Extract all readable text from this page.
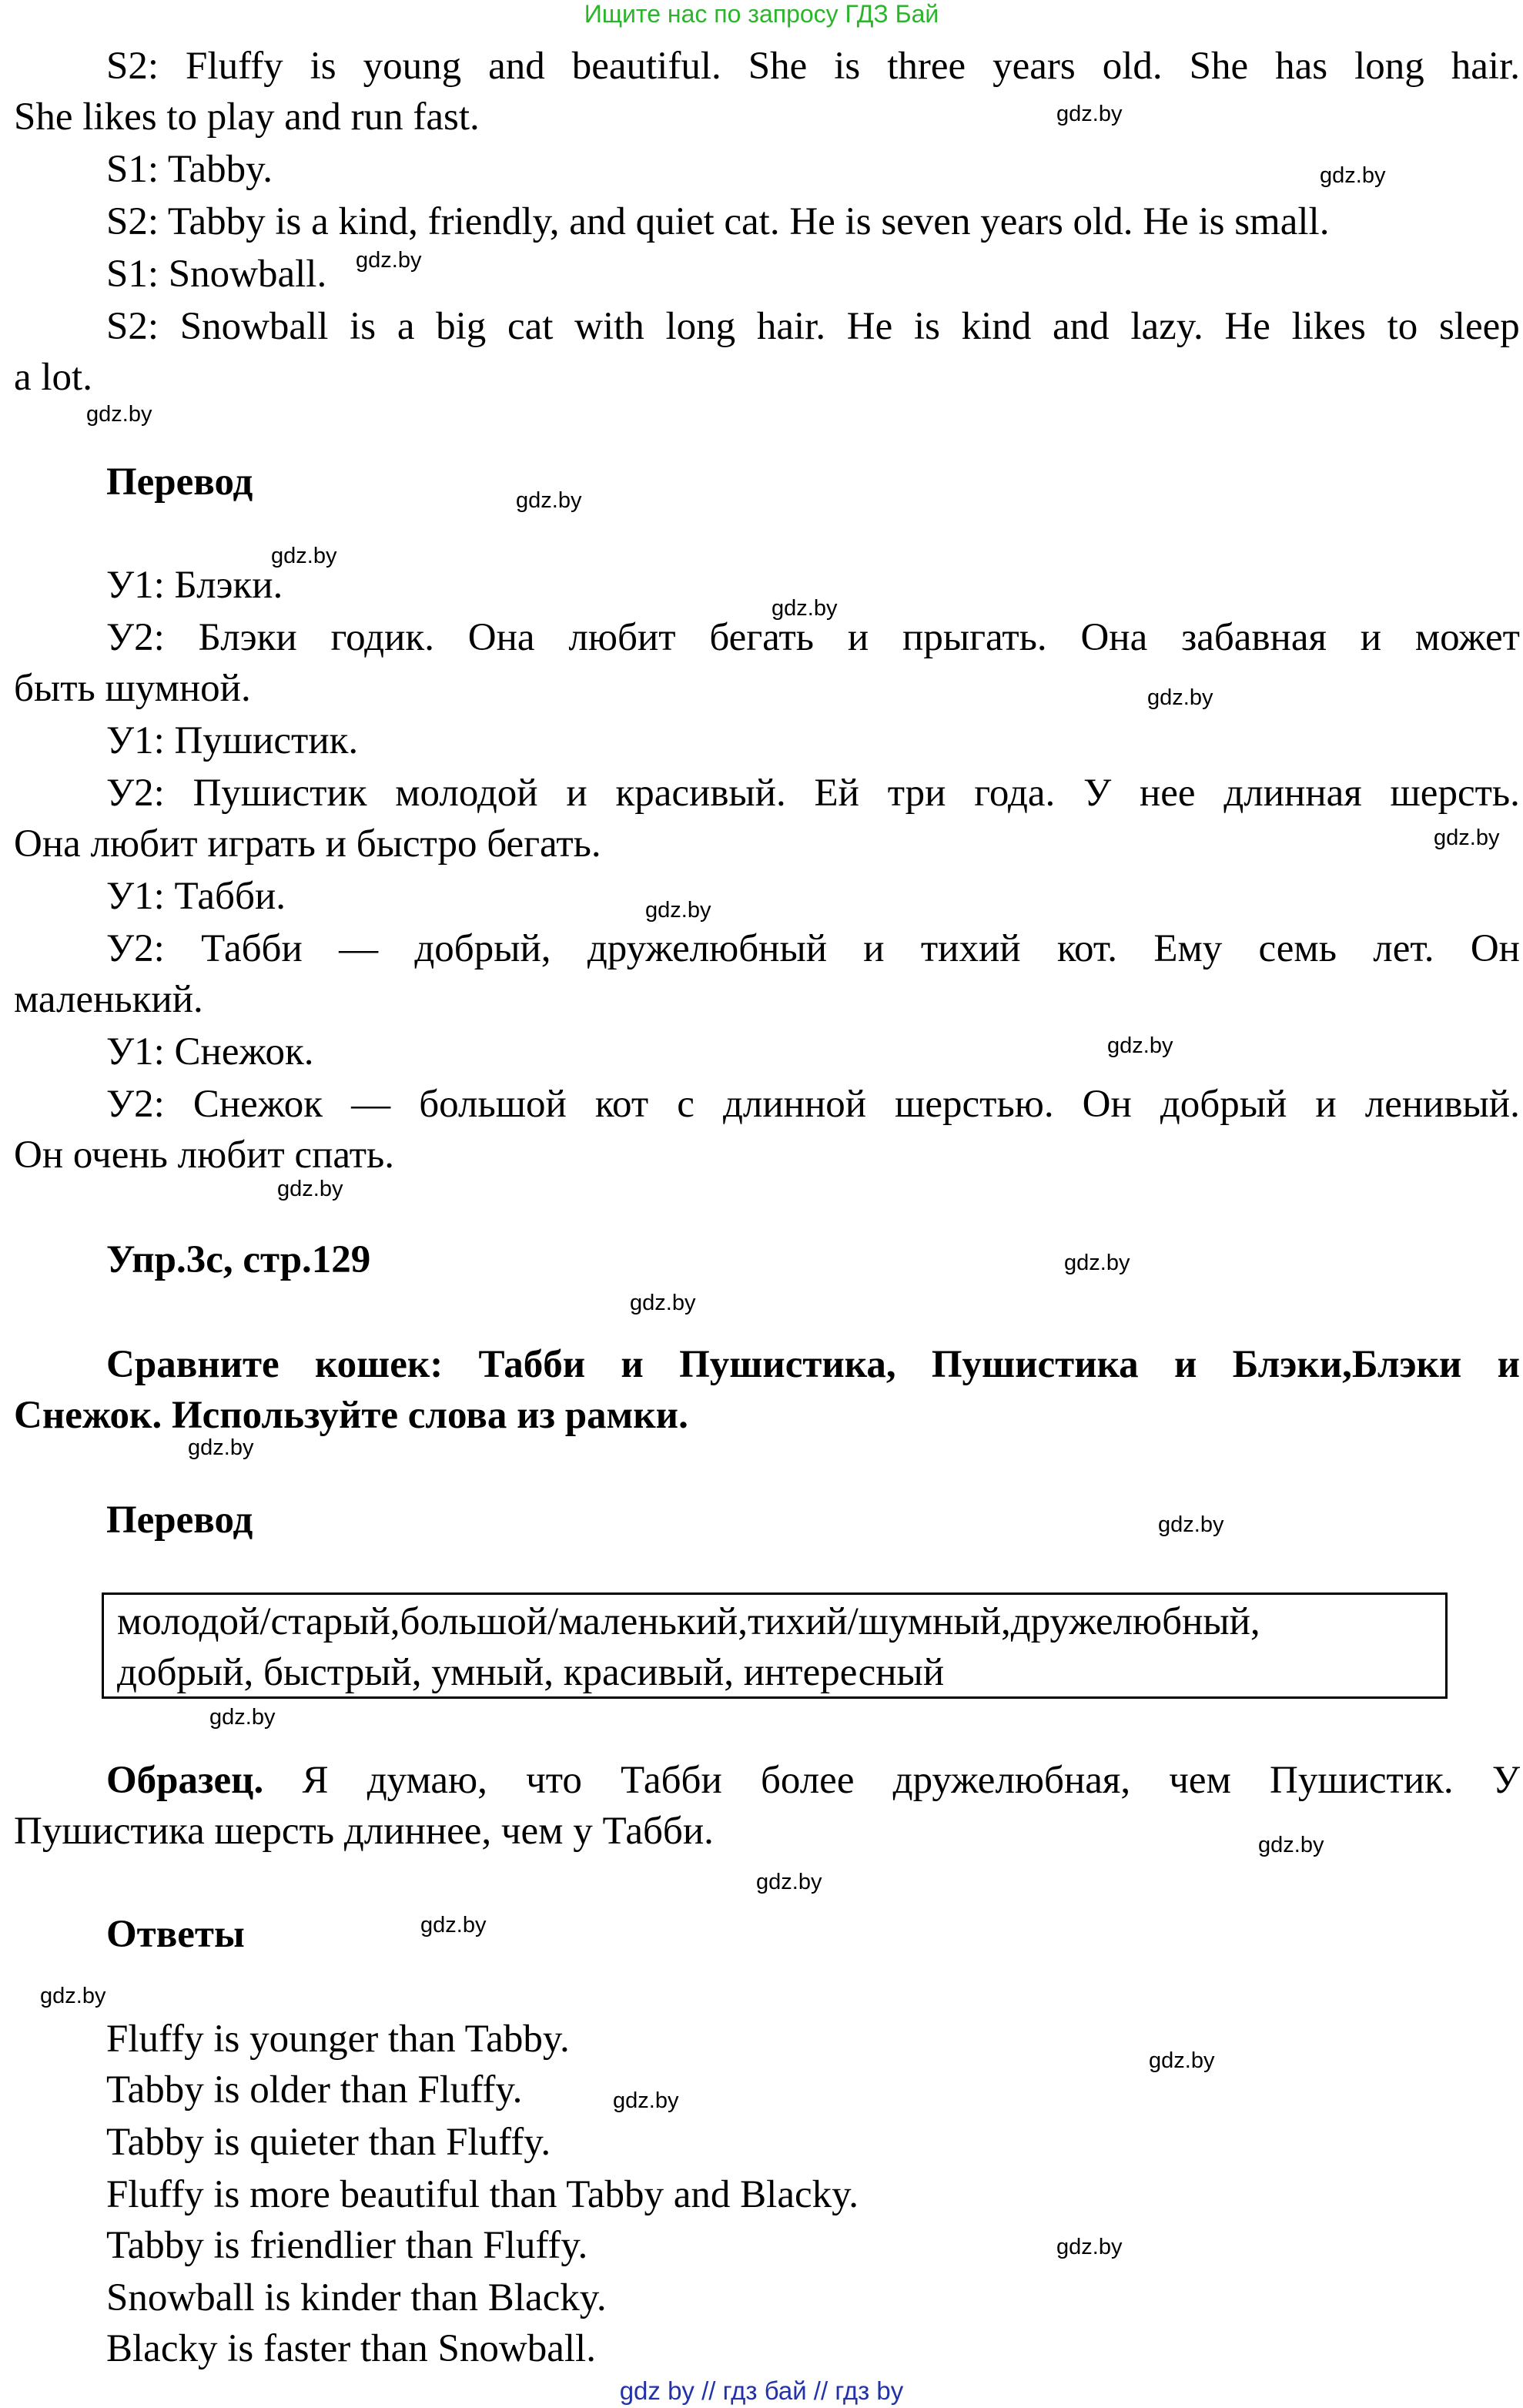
Ищите нас по запросу ГДЗ Бай
S2: Fluffy is young and beautiful. She is three years old. She has long hair.
She likes to play and run fast.
S1: Tabby.
S2: Tabby is a kind, friendly, and quiet cat. He is seven years old. He is small.
S1: Snowball.
S2: Snowball is a big cat with long hair. He is kind and lazy. He likes to sleep
a lot.
Перевод
У1: Блэки.
У2: Блэки годик. Она любит бегать и прыгать. Она забавная и может
быть шумной.
У1: Пушистик.
У2: Пушистик молодой и красивый. Ей три года. У нее длинная шерсть.
Она любит играть и быстро бегать.
У1: Табби.
У2: Табби — добрый, дружелюбный и тихий кот. Ему семь лет. Он
маленький.
У1: Снежок.
У2: Снежок — большой кот с длинной шерстью. Он добрый и ленивый.
Он очень любит спать.
Упр.3с, стр.129
Сравните кошек: Табби и Пушистика, Пушистика и Блэки,Блэки и
Снежок. Используйте слова из рамки.
Перевод
молодой/старый,большой/маленький,тихий/шумный,дружелюбный,
добрый, быстрый, умный, красивый, интересный
Образец. Я думаю, что Табби более дружелюбная, чем Пушистик. У
Пушистика шерсть длиннее, чем у Табби.
Ответы
Fluffy is younger than Tabby.
Tabby is older than Fluffy.
Tabby is quieter than Fluffy.
Fluffy is more beautiful than Tabby and Blacky.
Tabby is friendlier than Fluffy.
Snowball is kinder than Blacky.
Blacky is faster than Snowball.
gdz.by
gdz.by
gdz.by
gdz.by
gdz.by
gdz.by
gdz.by
gdz.by
gdz.by
gdz.by
gdz.by
gdz.by
gdz.by
gdz.by
gdz.by
gdz.by
gdz.by
gdz.by
gdz.by
gdz.by
gdz.by
gdz.by
gdz.by
gdz.by
gdz by // гдз бай // гдз by
